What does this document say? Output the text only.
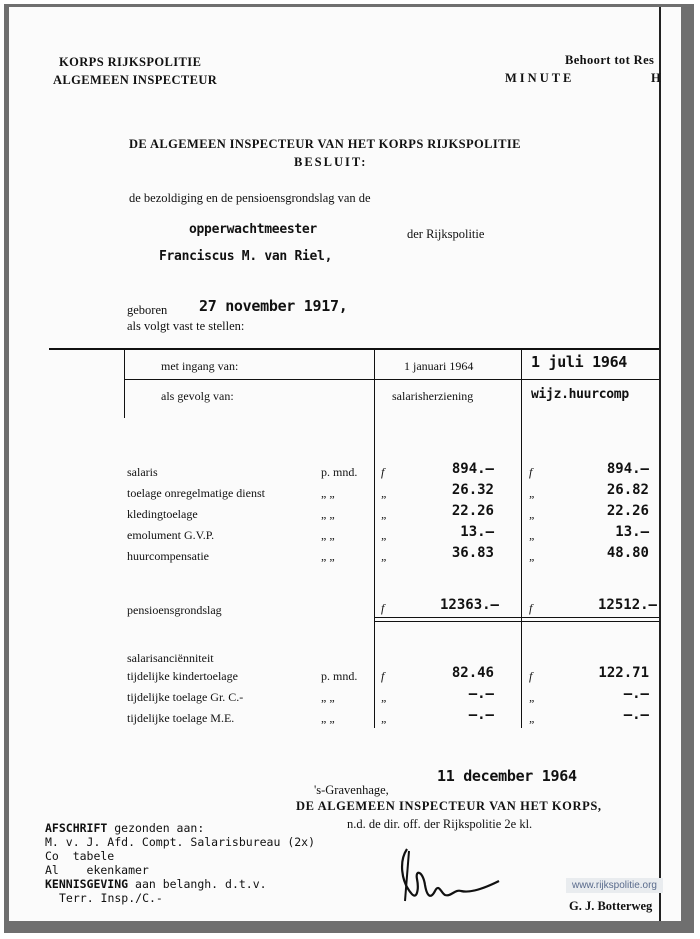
KORPS RIJKSPOLITIE
ALGEMEEN INSPECTEUR
Behoort tot Res
MINUTE	H
DE ALGEMEEN INSPECTEUR VAN HET KORPS RIJKSPOLITIE
BESLUIT:
de bezoldiging en de pensioensgrondslag van de
opperwachtmeester	der Rijkspolitie
Franciscus M. van Riel,
geboren 27 november 1917,
als volgt vast te stellen:
met ingang van:	1 januari 1964	1 juli 1964
als gevolg van:	salarisherziening	wijz.huurcomp
salaris	p. mnd. f	894.—	f	894.—
toelage onregelmatige dienst	„ „	„	26.32	„	26.82
kledingtoelage	„ „	„	22.26	„	22.26
emolument G.V.P.	„ „	„	13.—	„	13.—
huurcompensatie	„ „	„	36.83	„	48.80
pensioensgrondslag	f	12363.—	f	12512.—
salarisanciënniteit
tijdelijke kindertoelage	p. mnd. f	82.46	f	122.71
tijdelijke toelage Gr. C.-	„ „	„	—.—	„	—.—
tijdelijke toelage M.E.	„ „	„	—.—	„	—.—
's-Gravenhage,
11 december 1964
DE ALGEMEEN INSPECTEUR VAN HET KORPS,
n.d. de dir. off. der Rijkspolitie 2e kl.
G. J. Botterweg
AFSCHRIFT gezonden aan:
M. v. J. Afd. Compt. Salarisbureau (2x)
Co  tabele
Al    ekenkamer
KENNISGEVING aan belangh. d.t.v.
Terr. Insp./C.-
www.rijkspolitie.org
